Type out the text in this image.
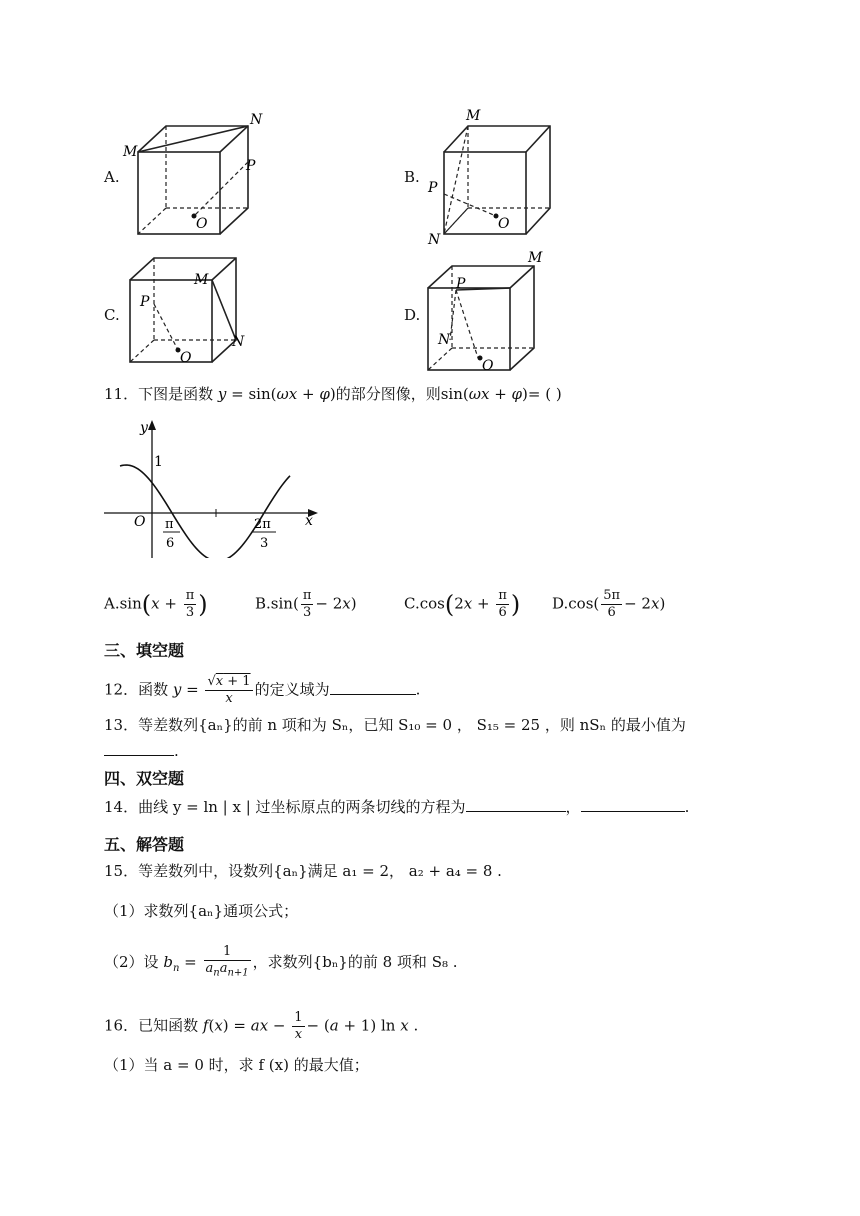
A.
M
N
P
O
B.
M
P
N
O
C.
M
P
N
O
D.
M
P
N
O
11．下图是函数 y = sin(ωx + φ)的部分图像，则sin(ωx + φ)= ( )
y
x
O
1
π
6
2π
3
$A.\sin(x + \frac{\pi}{3}$ )	$B.\sin( \frac{\pi}{3} - 2x)$	$C.\cos(2x + \frac{\pi}{6}$ ) $D.\cos( \frac{5\pi}{6} - 2x)$
三、填空题
12．函数 $y = \frac{√x + 1}{x}$ 的定义域为	.
13．等差数列{aₙ}的前 n 项和为 Sₙ，已知 S₁₀ = 0 ， S₁₅ = 25 ，则 nSₙ 的最小值为
.
四、双空题
14．曲线 y = ln | x | 过坐标原点的两条切线的方程为	，	.
五、解答题
15．等差数列中，设数列{aₙ}满足 a₁ = 2， a₂ + a₄ = 8 .
（1）求数列{aₙ}通项公式；
（2）设 $b_n = \frac{1}{a_na_{n+1}}$ ，求数列{bₙ}的前 8 项和 S₈ .
16．已知函数 f(x) = ax − $\frac{1}{x} - (a + 1)$ ln x .
（1）当 a = 0 时，求 f (x) 的最大值；
